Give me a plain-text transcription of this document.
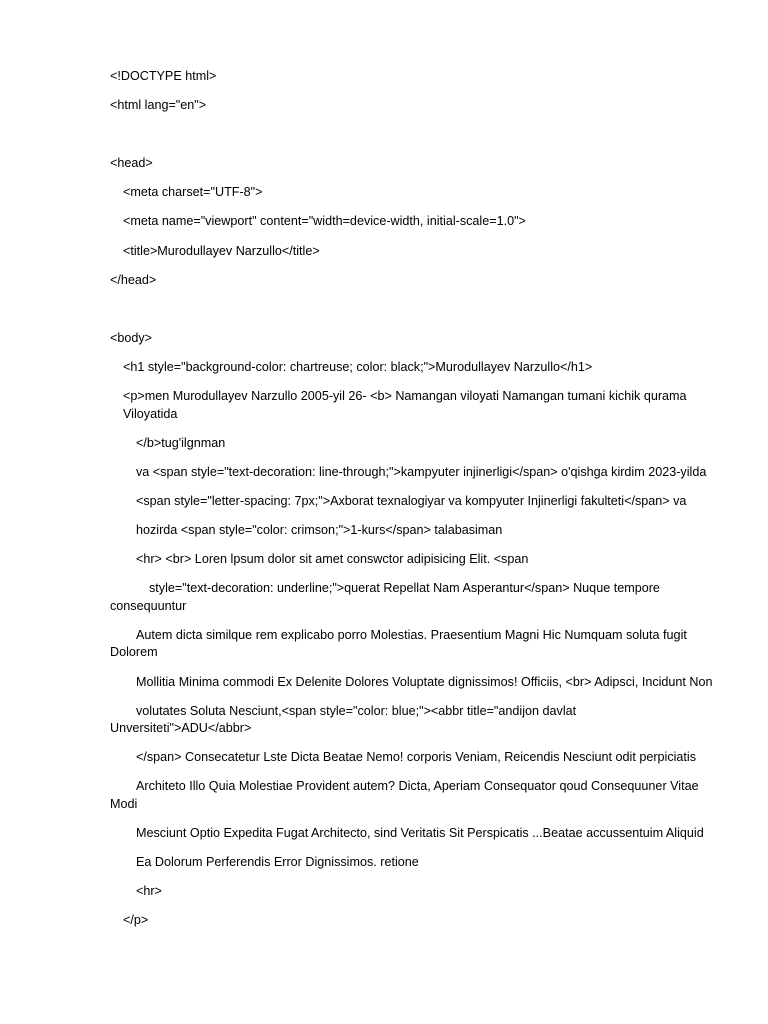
<!DOCTYPE html>

<html lang="en">

<head>

<meta charset="UTF-8">

<meta name="viewport" content="width=device-width, initial-scale=1.0">

<title>Murodullayev Narzullo</title>

</head>

<body>

<h1 style="background-color: chartreuse; color: black;">Murodullayev Narzullo</h1>

<p>men Murodullayev Narzullo 2005-yil 26- <b> Namangan viloyati Namangan tumani kichik qurama Viloyatida

</b>tug'ilgnman

va <span style="text-decoration: line-through;">kampyuter injinerligi</span> o'qishga kirdim 2023-yilda

<span style="letter-spacing: 7px;">Axborat texnalogiyar va kompyuter Injinerligi fakulteti</span> va

hozirda <span style="color: crimson;">1-kurs</span> talabasiman

<hr> <br> Loren lpsum dolor sit amet conswctor adipisicing Elit. <span

style="text-decoration: underline;">querat Repellat Nam Asperantur</span> Nuque tempore consequuntur

Autem dicta similque rem explicabo porro Molestias. Praesentium Magni Hic Numquam soluta fugit Dolorem

Mollitia Minima commodi Ex Delenite Dolores Voluptate dignissimos! Officiis, <br> Adipsci, Incidunt Non

volutates Soluta Nesciunt,<span style="color: blue;"><abbr title="andijon davlat Unversiteti">ADU</abbr>

</span> Consecatetur Lste Dicta Beatae Nemo! corporis Veniam, Reicendis Nesciunt odit perpiciatis

Architeto Illo Quia Molestiae Provident autem? Dicta, Aperiam Consequator qoud Consequuner Vitae Modi

Mesciunt Optio Expedita Fugat Architecto, sind Veritatis Sit Perspicatis ...Beatae accussentuim Aliquid

Ea Dolorum Perferendis Error Dignissimos. retione

<hr>

</p>
